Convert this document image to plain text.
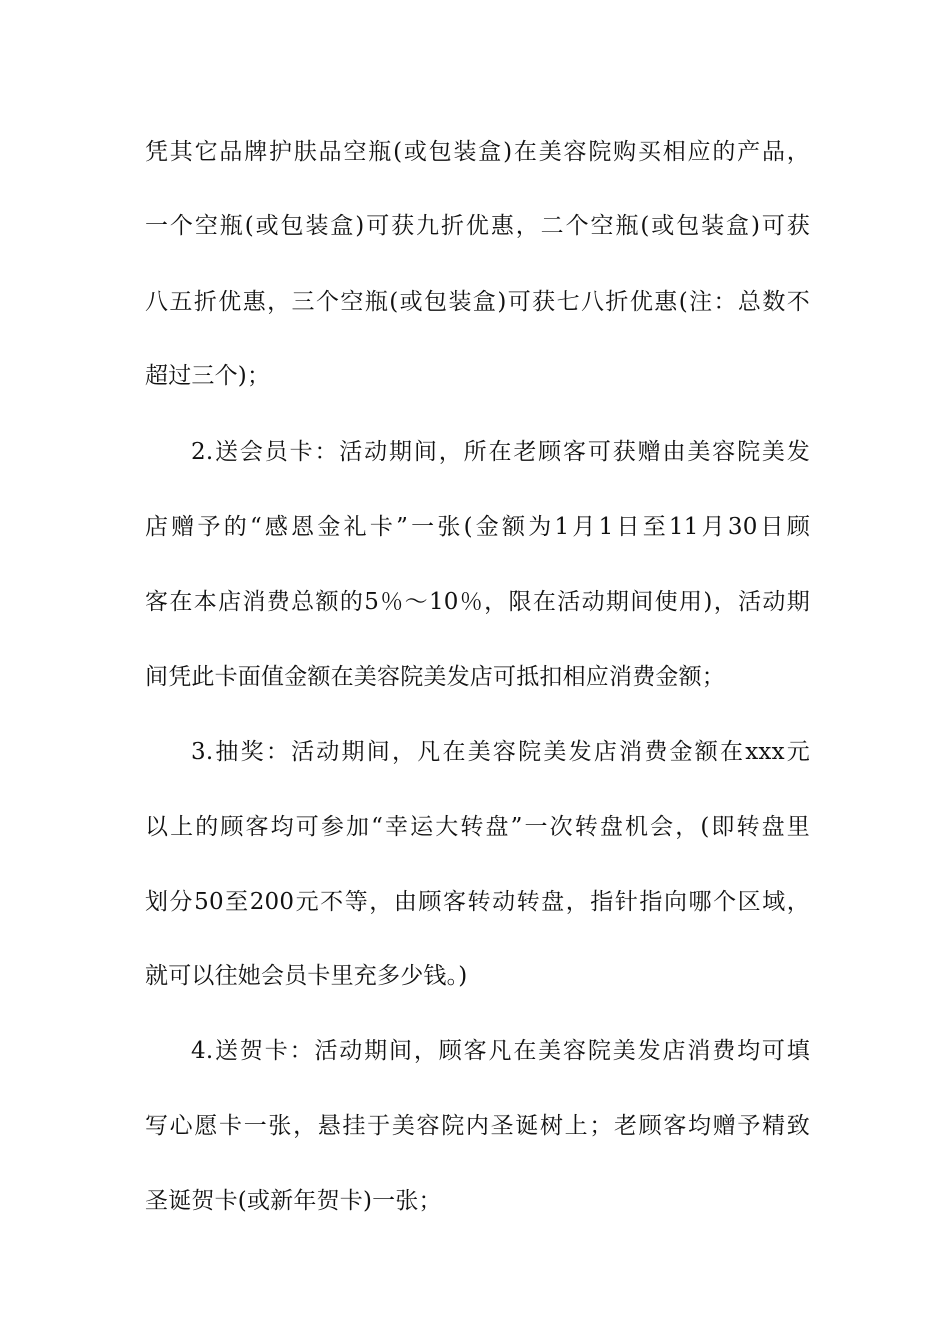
凭其它品牌护肤品空瓶(或包装盒)在美容院购买相应的产品，
一个空瓶(或包装盒)可获九折优惠，二个空瓶(或包装盒)可获
八五折优惠，三个空瓶(或包装盒)可获七八折优惠(注：总数不
超过三个)；
2.送会员卡：活动期间，所在老顾客可获赠由美容院美发
店赠予的“感恩金礼卡”一张(金额为1月1日至11月30日顾
客在本店消费总额的5％～10％，限在活动期间使用)，活动期
间凭此卡面值金额在美容院美发店可抵扣相应消费金额；
3.抽奖：活动期间，凡在美容院美发店消费金额在xxx元
以上的顾客均可参加“幸运大转盘”一次转盘机会，(即转盘里
划分50至200元不等，由顾客转动转盘，指针指向哪个区域，
就可以往她会员卡里充多少钱。)
4.送贺卡：活动期间，顾客凡在美容院美发店消费均可填
写心愿卡一张，悬挂于美容院内圣诞树上；老顾客均赠予精致
圣诞贺卡(或新年贺卡)一张；
